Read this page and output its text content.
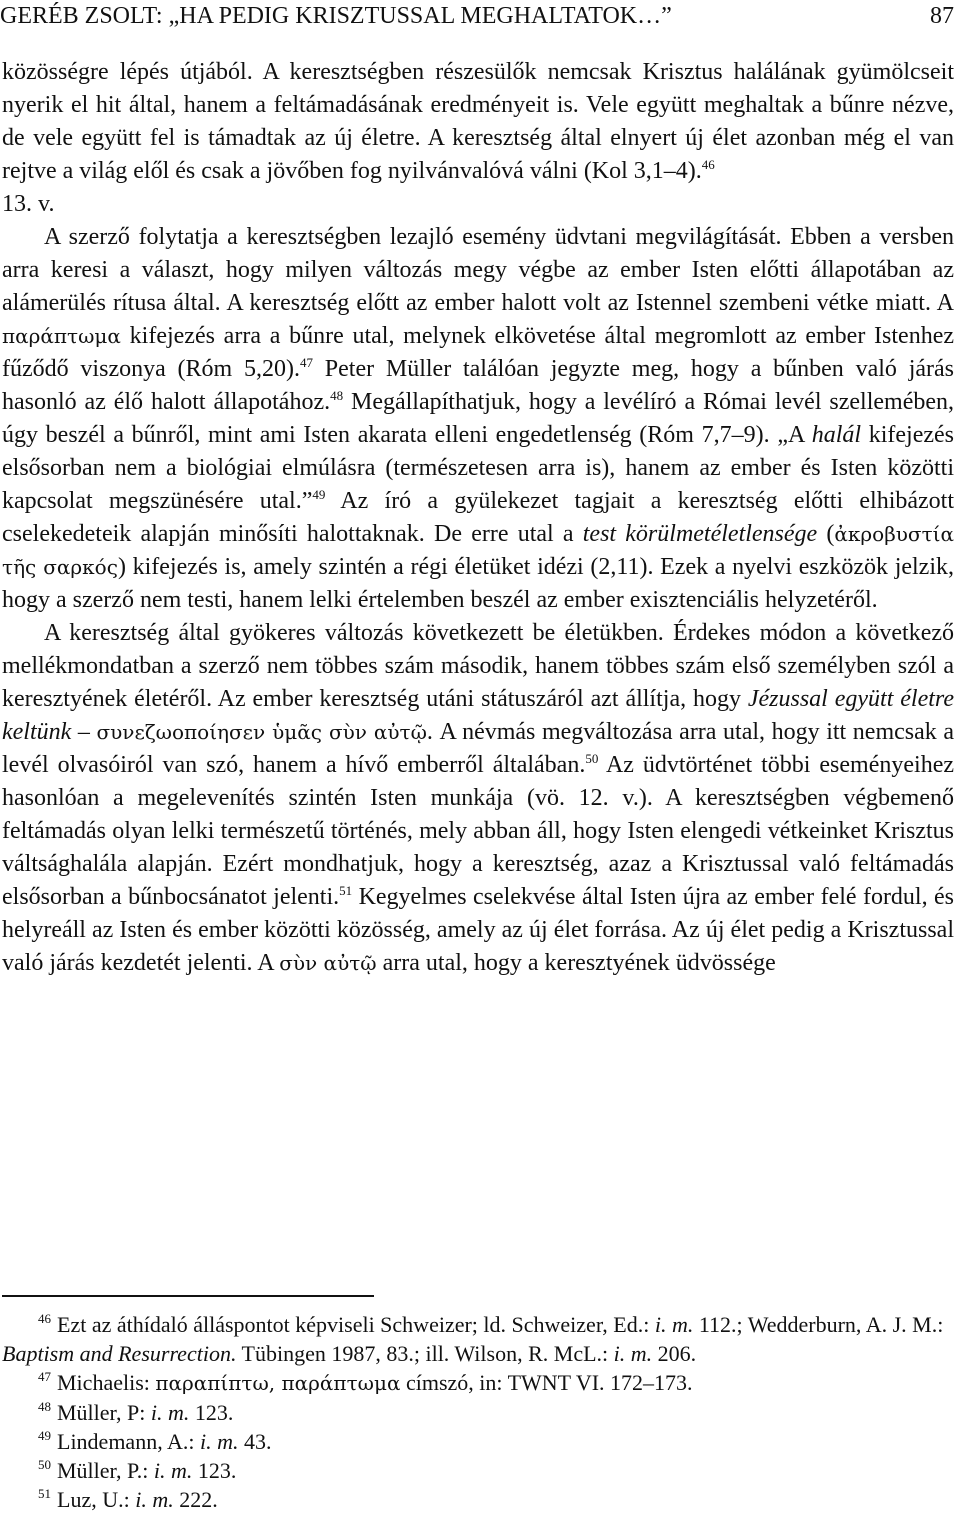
GERÉB ZSOLT: „HA PEDIG KRISZTUSSAL MEGHALTATOK…”	87

közösségre lépés útjából. A keresztségben részesülők nemcsak Krisztus halálának gyümölcseit nyerik el hit által, hanem a feltámadásának eredményeit is. Vele együtt meghaltak a bűnre nézve, de vele együtt fel is támadtak az új életre. A keresztség által elnyert új élet azonban még el van rejtve a világ elől és csak a jövőben fog nyilvánvalóvá válni (Kol 3,1–4).$^{46}$

13. v.

A szerző folytatja a keresztségben lezajló esemény üdvtani megvilágítását. Ebben a versben arra keresi a választ, hogy milyen változás megy végbe az ember Isten előtti állapotában az alámerülés rítusa által. A keresztség előtt az ember halott volt az Istennel szembeni vétke miatt. A παράπτωμα kifejezés arra a bűnre utal, melynek elkövetése által megromlott az ember Istenhez fűződő viszonya (Róm 5,20).$^{47}$ Peter Müller találóan jegyzte meg, hogy a bűnben való járás hasonló az élő halott állapotához.$^{48}$ Megállapíthatjuk, hogy a levélíró a Római levél szellemében, úgy beszél a bűnről, mint ami Isten akarata elleni engedetlenség (Róm 7,7–9). „A halál kifejezés elsősorban nem a biológiai elmúlásra (természetesen arra is), hanem az ember és Isten közötti kapcsolat megszünésére utal.”$^{49}$ Az író a gyülekezet tagjait a keresztség előtti elhibázott cselekedeteik alapján minősíti halottaknak. De erre utal a test körülmetéletlensége (ἀκροβυστία τῆς σαρκός) kifejezés is, amely szintén a régi életüket idézi (2,11). Ezek a nyelvi eszközök jelzik, hogy a szerző nem testi, hanem lelki értelemben beszél az ember exisztenciális helyzetéről.

A keresztség által gyökeres változás következett be életükben. Érdekes módon a következő mellékmondatban a szerző nem többes szám második, hanem többes szám első személyben szól a keresztyének életéről. Az ember keresztség utáni státuszáról azt állítja, hogy Jézussal együtt életre keltünk – συνεζωοποίησεν ὑμᾶς σὺν αὐτῷ. A névmás megváltozása arra utal, hogy itt nemcsak a levél olvasóiról van szó, hanem a hívő emberről általában.$^{50}$ Az üdvtörténet többi eseményeihez hasonlóan a megelevenítés szintén Isten munkája (vö. 12. v.). A keresztségben végbemenő feltámadás olyan lelki természetű történés, mely abban áll, hogy Isten elengedi vétkeinket Krisztus váltsághalála alapján. Ezért mondhatjuk, hogy a keresztség, azaz a Krisztussal való feltámadás elsősorban a bűnbocsánatot jelenti.$^{51}$ Kegyelmes cselekvése által Isten újra az ember felé fordul, és helyreáll az Isten és ember közötti közösség, amely az új élet forrása. Az új élet pedig a Krisztussal való járás kezdetét jelenti. A σὺν αὐτῷ arra utal, hogy a keresztyének üdvössége

$^{46}$ Ezt az áthídaló álláspontot képviseli Schweizer; ld. Schweizer, Ed.: i. m. 112.; Wedderburn, A. J. M.: Baptism and Resurrection. Tübingen 1987, 83.; ill. Wilson, R. McL.: i. m. 206.

$^{47}$ Michaelis: παραπίπτω, παράπτωμα címszó, in: TWNT VI. 172–173.

$^{48}$ Müller, P: i. m. 123.

$^{49}$ Lindemann, A.: i. m. 43.

$^{50}$ Müller, P.: i. m. 123.

$^{51}$ Luz, U.: i. m. 222.
